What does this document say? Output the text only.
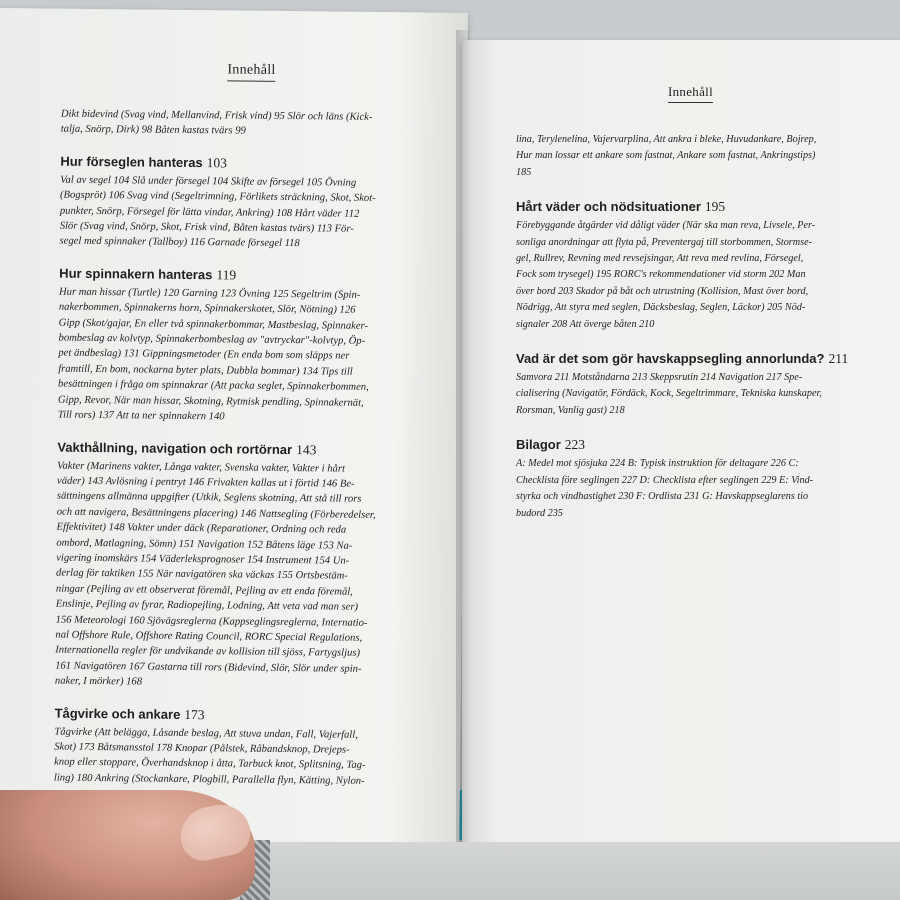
Innehåll

Dikt bidevind (Svag vind, Mellanvind, Frisk vind) 95 Slör och läns (Kick-

talja, Snörp, Dirk) 98 Båten kastas tvärs 99

Hur förseglen hanteras 103

Val av segel 104 Slå under försegel 104 Skifte av försegel 105 Övning

(Bogspröt) 106 Svag vind (Segeltrimning, Förlikets sträckning, Skot, Skot-

punkter, Snörp, Försegel för lätta vindar, Ankring) 108 Hårt väder 112

Slör (Svag vind, Snörp, Skot, Frisk vind, Båten kastas tvärs) 113 För-

segel med spinnaker (Tallboy) 116 Garnade försegel 118

Hur spinnakern hanteras 119

Hur man hissar (Turtle) 120 Garning 123 Övning 125 Segeltrim (Spin-

nakerbommen, Spinnakerns horn, Spinnakerskotet, Slör, Nötning) 126

Gipp (Skot/gajar, En eller två spinnakerbommar, Mastbeslag, Spinnaker-

bombeslag av kolvtyp, Spinnakerbombeslag av "avtryckar"-kolvtyp, Öp-

pet ändbeslag) 131 Gippningsmetoder (En enda bom som släpps ner

framtill, En bom, nockarna byter plats, Dubbla bommar) 134 Tips till

besättningen i fråga om spinnakrar (Att packa seglet, Spinnakerbommen,

Gipp, Revor, När man hissar, Skotning, Rytmisk pendling, Spinnakernät,

Till rors) 137 Att ta ner spinnakern 140

Vakthållning, navigation och rortörnar 143

Vakter (Marinens vakter, Långa vakter, Svenska vakter, Vakter i hårt

väder) 143 Avlösning i pentryt 146 Frivakten kallas ut i förtid 146 Be-

sättningens allmänna uppgifter (Utkik, Seglens skotning, Att stå till rors

och att navigera, Besättningens placering) 146 Nattsegling (Förberedelser,

Effektivitet) 148 Vakter under däck (Reparationer, Ordning och reda

ombord, Matlagning, Sömn) 151 Navigation 152 Båtens läge 153 Na-

vigering inomskärs 154 Väderleksprognoser 154 Instrument 154 Un-

derlag för taktiken 155 När navigatören ska väckas 155 Ortsbestäm-

ningar (Pejling av ett observerat föremål, Pejling av ett enda föremål,

Enslinje, Pejling av fyrar, Radiopejling, Lodning, Att veta vad man ser)

156 Meteorologi 160 Sjövägsreglerna (Kappseglingsreglerna, Internatio-

nal Offshore Rule, Offshore Rating Council, RORC Special Regulations,

Internationella regler för undvikande av kollision till sjöss, Fartygsljus)

161 Navigatören 167 Gastarna till rors (Bidevind, Slör, Slör under spin-

naker, I mörker) 168

Tågvirke och ankare 173

Tågvirke (Att belägga, Låsande beslag, Att stuva undan, Fall, Vajerfall,

Skot) 173 Båtsmansstol 178 Knopar (Pålstek, Råbandsknop, Drejeps-

knop eller stoppare, Överhandsknop i åtta, Tarbuck knot, Splitsning, Tag-

ling) 180 Ankring (Stockankare, Plogbill, Parallella flyn, Kätting, Nylon-

Innehåll

lina, Terylenelina, Vajervarplina, Att ankra i bleke, Huvudankare, Bojrep,

Hur man lossar ett ankare som fastnat, Ankare som fastnat, Ankringstips)

185

Hårt väder och nödsituationer 195

Förebyggande åtgärder vid dåligt väder (När ska man reva, Livsele, Per-

sonliga anordningar att flyta på, Preventergaj till storbommen, Stormse-

gel, Rullrev, Revning med revsejsingar, Att reva med revlina, Försegel,

Fock som trysegel) 195 RORC's rekommendationer vid storm 202 Man

över bord 203 Skador på båt och utrustning (Kollision, Mast över bord,

Nödrigg, Att styra med seglen, Däcksbeslag, Seglen, Läckor) 205 Nöd-

signaler 208 Att överge båten 210

Vad är det som gör havskappsegling annorlunda? 211

Samvora 211 Motståndarna 213 Skeppsrutin 214 Navigation 217 Spe-

cialisering (Navigatör, Fördäck, Kock, Segeltrimmare, Tekniska kunskaper,

Rorsman, Vanlig gast) 218

Bilagor 223

A: Medel mot sjösjuka 224 B: Typisk instruktion för deltagare 226 C:

Checklista före seglingen 227 D: Checklista efter seglingen 229 E: Vind-

styrka och vindhastighet 230 F: Ordlista 231 G: Havskappseglarens tio

budord 235
